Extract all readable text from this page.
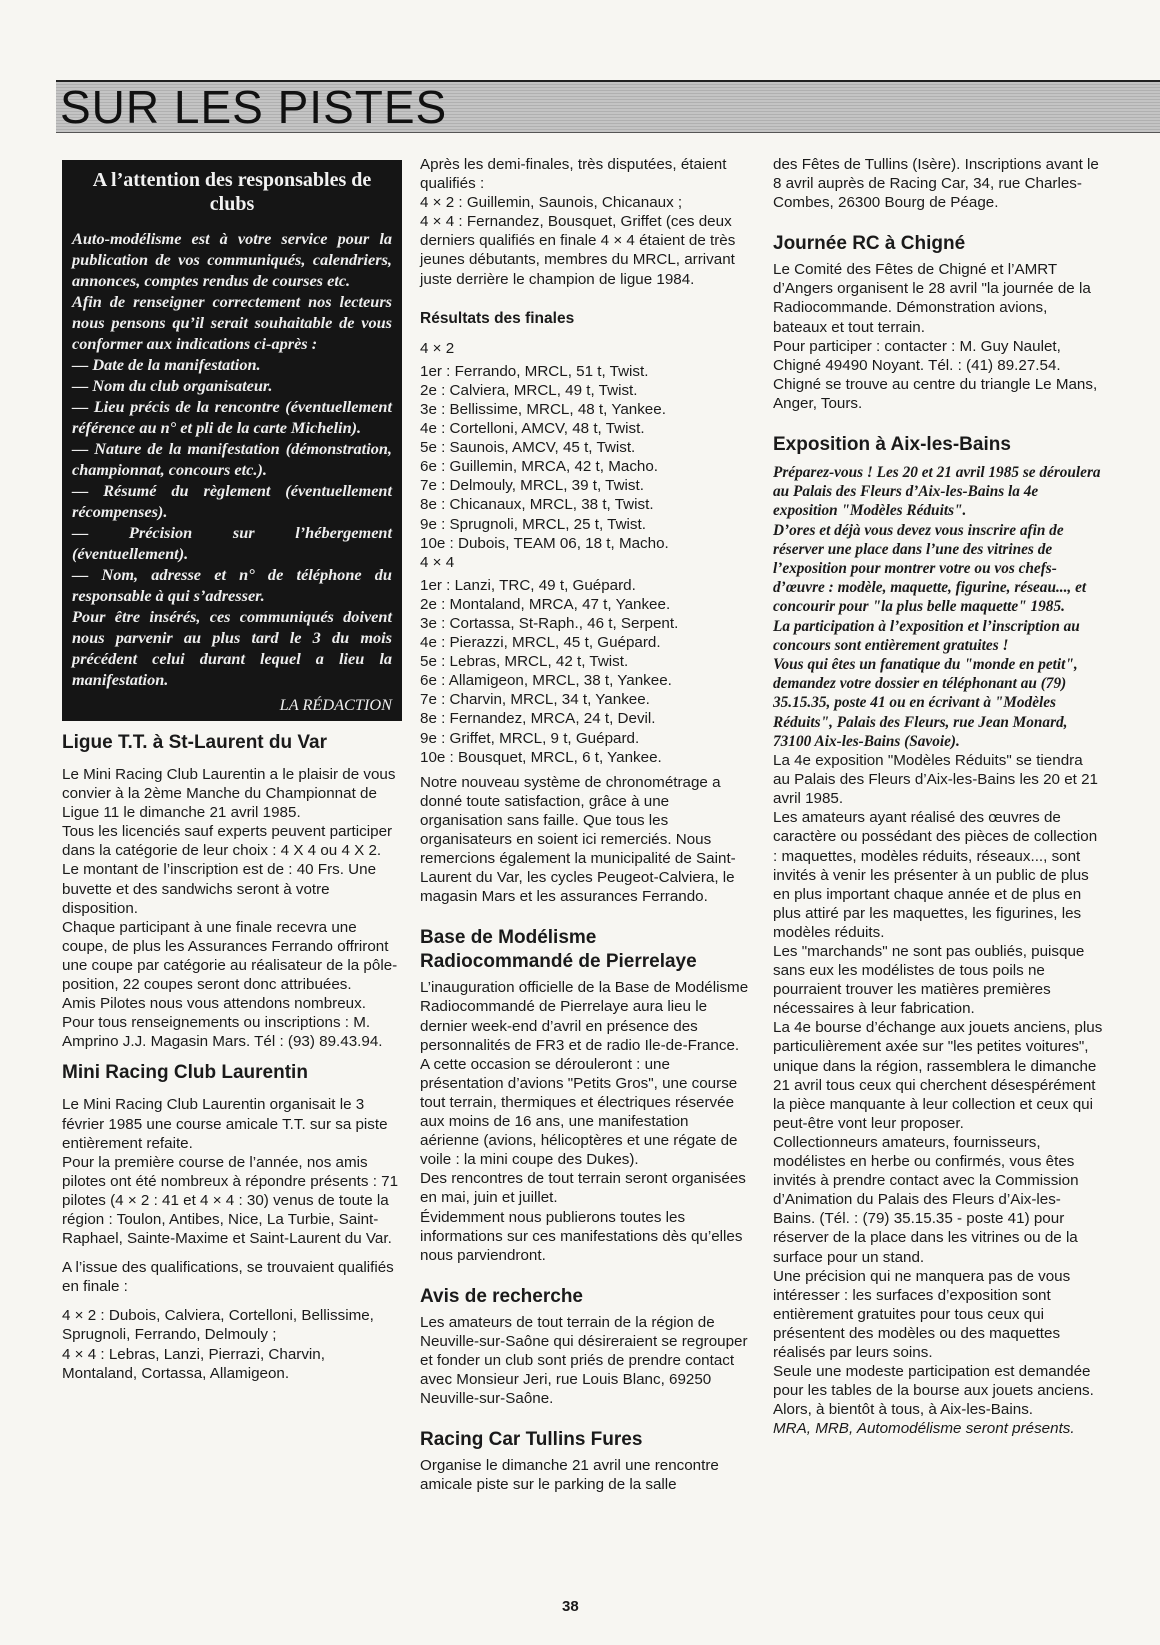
SUR LES PISTES
A l’attention des responsables de clubs

Auto-modélisme est à votre service pour la publication de vos communiqués, calendriers, annonces, comptes rendus de courses etc.

Afin de renseigner correctement nos lecteurs nous pensons qu’il serait souhaitable de vous conformer aux indications ci-après :

— Date de la manifestation.

— Nom du club organisateur.

— Lieu précis de la rencontre (éventuellement référence au n° et pli de la carte Michelin).

— Nature de la manifestation (démonstration, championnat, concours etc.).

— Résumé du règlement (éventuellement récompenses).

— Précision sur l’hébergement (éventuellement).

— Nom, adresse et n° de téléphone du responsable à qui s’adresser.

Pour être insérés, ces communiqués doivent nous parvenir au plus tard le 3 du mois précédent celui durant lequel a lieu la manifestation.

LA RÉDACTION

Ligue T.T. à St-Laurent du Var

Le Mini Racing Club Laurentin a le plaisir de vous convier à la 2ème Manche du Championnat de Ligue 11 le dimanche 21 avril 1985.

Tous les licenciés sauf experts peuvent participer dans la catégorie de leur choix : 4 X 4 ou 4 X 2.

Le montant de l’inscription est de : 40 Frs. Une buvette et des sandwichs seront à votre disposition.

Chaque participant à une finale recevra une coupe, de plus les Assurances Ferrando offriront une coupe par catégorie au réalisateur de la pôle-position, 22 coupes seront donc attribuées.

Amis Pilotes nous vous attendons nombreux.

Pour tous renseignements ou inscriptions : M. Amprino J.J. Magasin Mars. Tél : (93) 89.43.94.

Mini Racing Club Laurentin

Le Mini Racing Club Laurentin organisait le 3 février 1985 une course amicale T.T. sur sa piste entièrement refaite.

Pour la première course de l’année, nos amis pilotes ont été nombreux à répondre présents : 71 pilotes (4 × 2 : 41 et 4 × 4 : 30) venus de toute la région : Toulon, Antibes, Nice, La Turbie, Saint-Raphael, Sainte-Maxime et Saint-Laurent du Var.

A l’issue des qualifications, se trouvaient qualifiés en finale :

4 × 2 : Dubois, Calviera, Cortelloni, Bellissime, Sprugnoli, Ferrando, Delmouly ;

4 × 4 : Lebras, Lanzi, Pierrazi, Charvin, Montaland, Cortassa, Allamigeon.

Après les demi-finales, très disputées, étaient qualifiés :

4 × 2 : Guillemin, Saunois, Chicanaux ;

4 × 4 : Fernandez, Bousquet, Griffet (ces deux derniers qualifiés en finale 4 × 4 étaient de très jeunes débutants, membres du MRCL, arrivant juste derrière le champion de ligue 1984.

Résultats des finales

4 × 2

1er : Ferrando, MRCL, 51 t, Twist.

2e : Calviera, MRCL, 49 t, Twist.

3e : Bellissime, MRCL, 48 t, Yankee.

4e : Cortelloni, AMCV, 48 t, Twist.

5e : Saunois, AMCV, 45 t, Twist.

6e : Guillemin, MRCA, 42 t, Macho.

7e : Delmouly, MRCL, 39 t, Twist.

8e : Chicanaux, MRCL, 38 t, Twist.

9e : Sprugnoli, MRCL, 25 t, Twist.

10e : Dubois, TEAM 06, 18 t, Macho.

4 × 4

1er : Lanzi, TRC, 49 t, Guépard.

2e : Montaland, MRCA, 47 t, Yankee.

3e : Cortassa, St-Raph., 46 t, Serpent.

4e : Pierazzi, MRCL, 45 t, Guépard.

5e : Lebras, MRCL, 42 t, Twist.

6e : Allamigeon, MRCL, 38 t, Yankee.

7e : Charvin, MRCL, 34 t, Yankee.

8e : Fernandez, MRCA, 24 t, Devil.

9e : Griffet, MRCL, 9 t, Guépard.

10e : Bousquet, MRCL, 6 t, Yankee.

Notre nouveau système de chronométrage a donné toute satisfaction, grâce à une organisation sans faille. Que tous les organisateurs en soient ici remerciés. Nous remercions également la municipalité de Saint-Laurent du Var, les cycles Peugeot-Calviera, le magasin Mars et les assurances Ferrando.

Base de Modélisme Radiocommandé de Pierrelaye

L’inauguration officielle de la Base de Modélisme Radiocommandé de Pierrelaye aura lieu le dernier week-end d’avril en présence des personnalités de FR3 et de radio Ile-de-France. A cette occasion se dérouleront : une présentation d’avions "Petits Gros", une course tout terrain, thermiques et électriques réservée aux moins de 16 ans, une manifestation aérienne (avions, hélicoptères et une régate de voile : la mini coupe des Dukes).

Des rencontres de tout terrain seront organisées en mai, juin et juillet.

Évidemment nous publierons toutes les informations sur ces manifestations dès qu’elles nous parviendront.

Avis de recherche

Les amateurs de tout terrain de la région de Neuville-sur-Saône qui désireraient se regrouper et fonder un club sont priés de prendre contact avec Monsieur Jeri, rue Louis Blanc, 69250 Neuville-sur-Saône.

Racing Car Tullins Fures

Organise le dimanche 21 avril une rencontre amicale piste sur le parking de la salle

des Fêtes de Tullins (Isère). Inscriptions avant le 8 avril auprès de Racing Car, 34, rue Charles-Combes, 26300 Bourg de Péage.

Journée RC à Chigné

Le Comité des Fêtes de Chigné et l’AMRT d’Angers organisent le 28 avril "la journée de la Radiocommande. Démonstration avions, bateaux et tout terrain.

Pour participer : contacter : M. Guy Naulet, Chigné 49490 Noyant. Tél. : (41) 89.27.54. Chigné se trouve au centre du triangle Le Mans, Anger, Tours.

Exposition à Aix-les-Bains

Préparez-vous ! Les 20 et 21 avril 1985 se déroulera au Palais des Fleurs d’Aix-les-Bains la 4e exposition "Modèles Réduits".

D’ores et déjà vous devez vous inscrire afin de réserver une place dans l’une des vitrines de l’exposition pour montrer votre ou vos chefs-d’œuvre : modèle, maquette, figurine, réseau..., et concourir pour "la plus belle maquette" 1985.

La participation à l’exposition et l’inscription au concours sont entièrement gratuites !

Vous qui êtes un fanatique du "monde en petit", demandez votre dossier en téléphonant au (79) 35.15.35, poste 41 ou en écrivant à "Modèles Réduits", Palais des Fleurs, rue Jean Monard, 73100 Aix-les-Bains (Savoie).

La 4e exposition "Modèles Réduits" se tiendra au Palais des Fleurs d’Aix-les-Bains les 20 et 21 avril 1985.

Les amateurs ayant réalisé des œuvres de caractère ou possédant des pièces de collection : maquettes, modèles réduits, réseaux..., sont invités à venir les présenter à un public de plus en plus important chaque année et de plus en plus attiré par les maquettes, les figurines, les modèles réduits.

Les "marchands" ne sont pas oubliés, puisque sans eux les modélistes de tous poils ne pourraient trouver les matières premières nécessaires à leur fabrication.

La 4e bourse d’échange aux jouets anciens, plus particulièrement axée sur "les petites voitures", unique dans la région, rassemblera le dimanche 21 avril tous ceux qui cherchent désespérément la pièce manquante à leur collection et ceux qui peut-être vont leur proposer.

Collectionneurs amateurs, fournisseurs, modélistes en herbe ou confirmés, vous êtes invités à prendre contact avec la Commission d’Animation du Palais des Fleurs d’Aix-les-Bains. (Tél. : (79) 35.15.35 - poste 41) pour réserver de la place dans les vitrines ou de la surface pour un stand.

Une précision qui ne manquera pas de vous intéresser : les surfaces d’exposition sont entièrement gratuites pour tous ceux qui présentent des modèles ou des maquettes réalisés par leurs soins.

Seule une modeste participation est demandée pour les tables de la bourse aux jouets anciens.

Alors, à bientôt à tous, à Aix-les-Bains.

MRA, MRB, Automodélisme seront présents.

38
